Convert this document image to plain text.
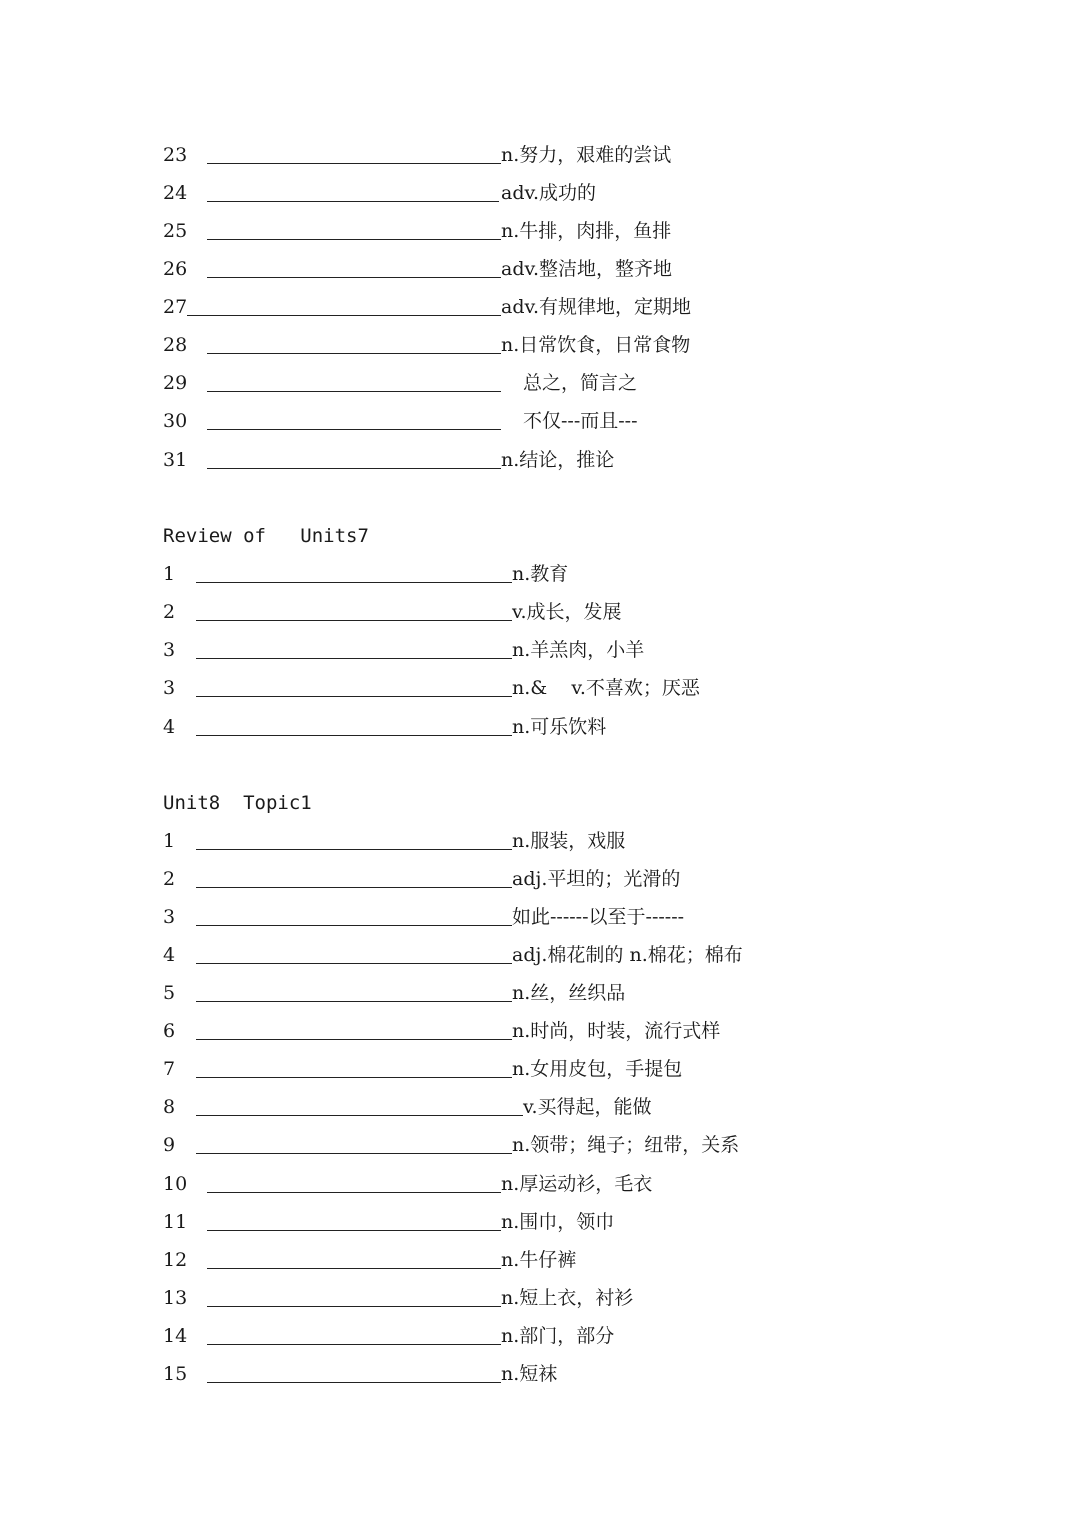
23	n.努力，艰难的尝试
24	adv.成功的
25	n.牛排，肉排，鱼排
26	adv.整洁地，整齐地
27	adv.有规律地，定期地
28	n.日常饮食，日常食物
29	总之，简言之
30	不仅---而且---
31	n.结论，推论
Review of   Units7
1	n.教育
2	v.成长，发展
3	n.羊羔肉，小羊
3	n.&    v.不喜欢；厌恶
4	n.可乐饮料
Unit8  Topic1
1	n.服装，戏服
2	adj.平坦的；光滑的
3	如此------以至于------
4	adj.棉花制的 n.棉花；棉布
5	n.丝，丝织品
6	n.时尚，时装，流行式样
7	n.女用皮包，手提包
8	v.买得起，能做
9	n.领带；绳子；纽带，关系
10	n.厚运动衫，毛衣
11	n.围巾，领巾
12	n.牛仔裤
13	n.短上衣，衬衫
14	n.部门，部分
15	n.短袜
